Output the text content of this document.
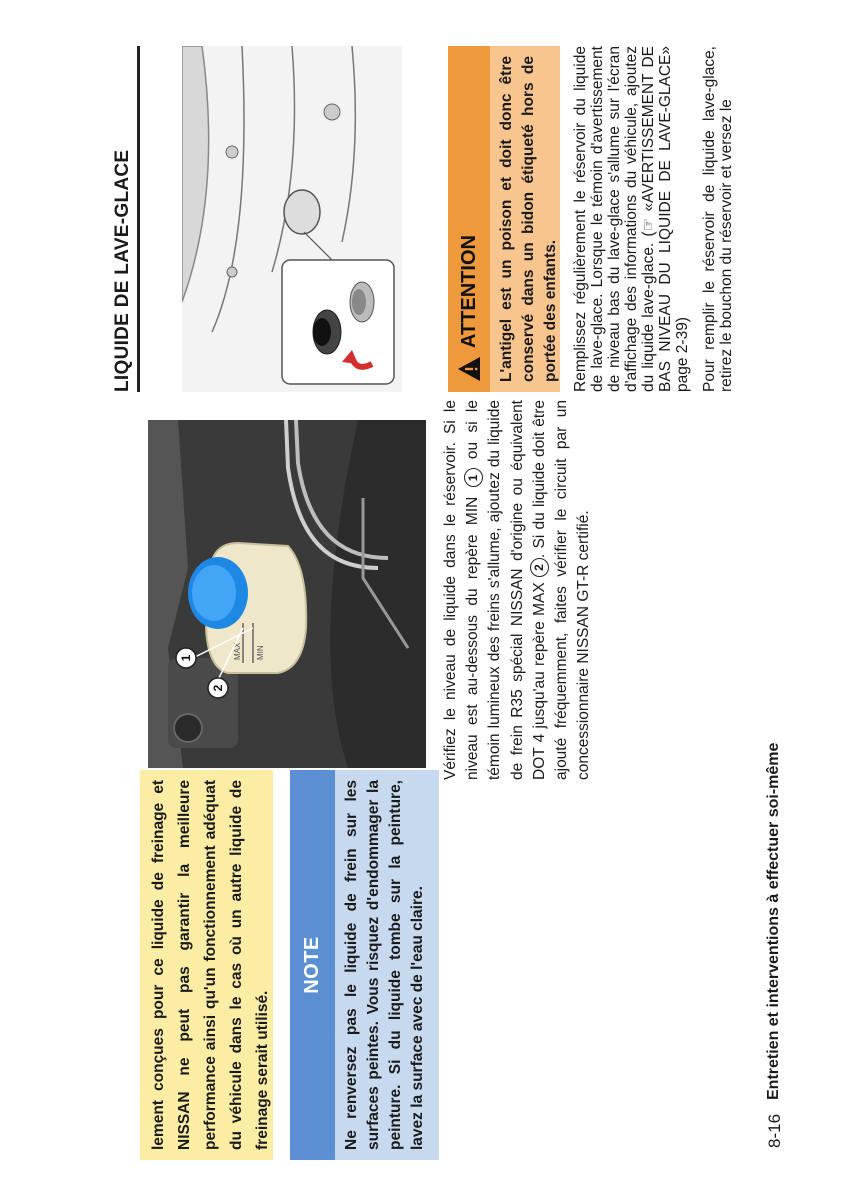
lement conçues pour ce liquide de freinage et NISSAN ne peut pas garantir la meilleure performance ainsi qu'un fonctionnement adéquat du véhicule dans le cas où un autre liquide de freinage serait utilisé.
NOTE	Ne renversez pas le liquide de frein sur les surfaces peintes. Vous risquez d'endommager la peinture. Si du liquide tombe sur la peinture, lavez la surface avec de l'eau claire.	8-16
Entretien et interventions à effectuer soi-même
MAX MIN
2
1	Vérifiez le niveau de liquide dans le réservoir. Si le niveau est au-dessous du repère MIN 1 ou si le témoin lumineux des freins s'allume, ajoutez du liquide de frein R35 spécial NISSAN d'origine ou équivalent DOT 4 jusqu'au repère MAX 2. Si du liquide doit être ajouté fréquemment, faites vérifier le circuit par un concessionnaire NISSAN GT-R certifié.
LIQUIDE DE LAVE-GLACE	ATTENTION	L'antigel est un poison et doit donc être conservé dans un bidon étiqueté hors de portée des enfants. Remplissez régulièrement le réservoir du liquide de lave-glace. Lorsque le témoin d'avertissement de niveau bas du lave-glace s'allume sur l'écran d'affichage des informations du véhicule, ajoutez du liquide lave-glace. (☞ «AVERTISSEMENT DE BAS NIVEAU DU LIQUIDE DE LAVE-GLACE» page 2-39) Pour remplir le réservoir de liquide lave-glace, retirez le bouchon du réservoir et versez le
